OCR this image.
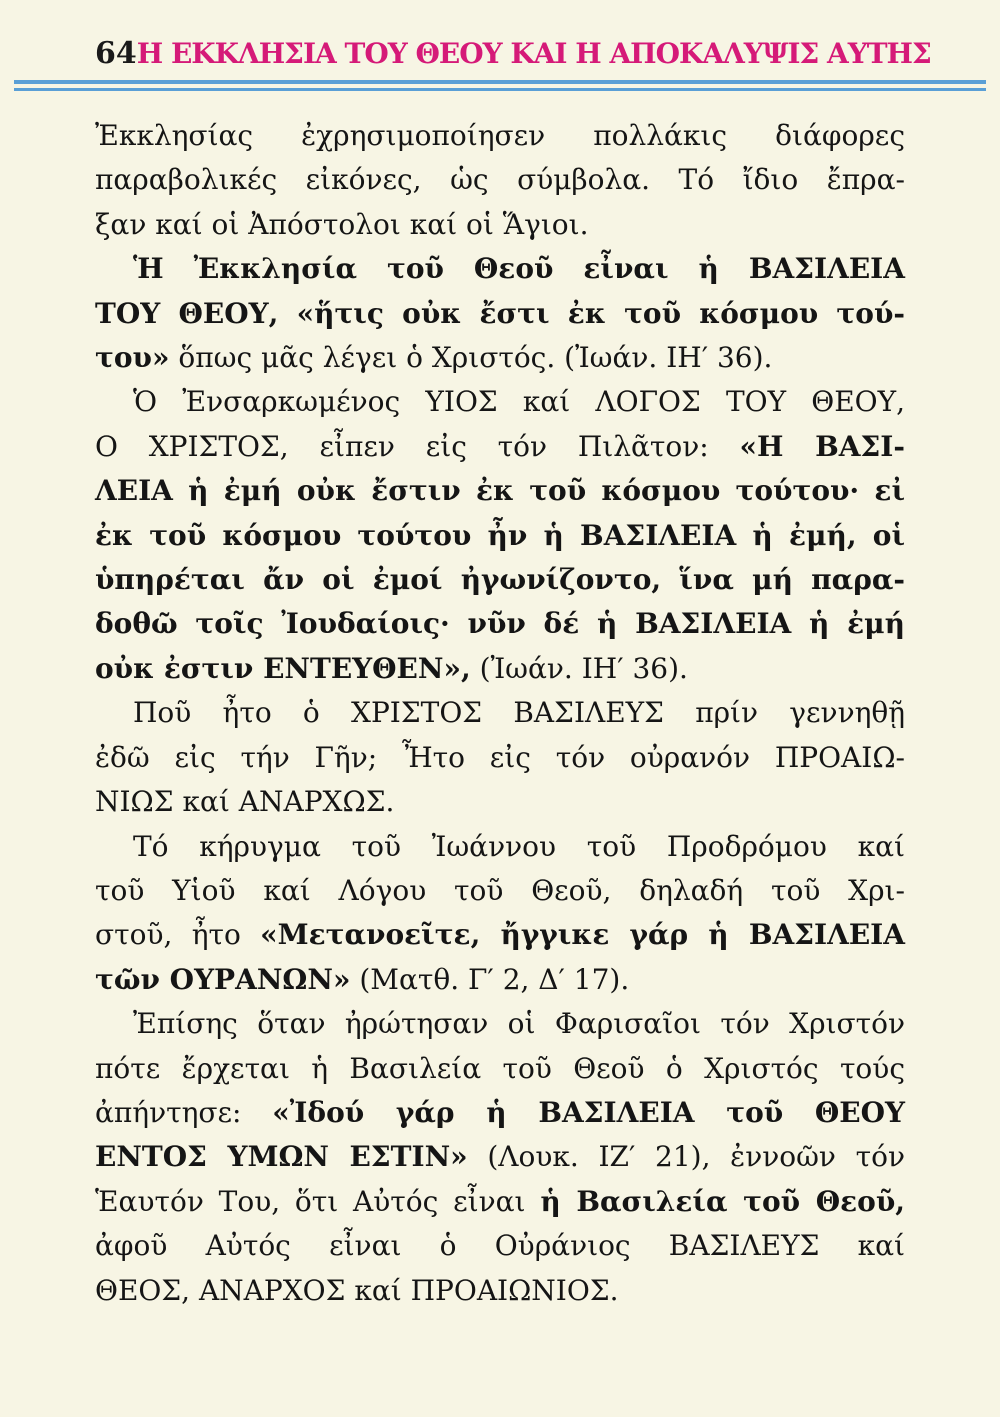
64 Η ΕΚΚΛΗΣΙΑ ΤΟΥ ΘΕΟΥ ΚΑΙ Η ΑΠΟΚΑΛΥΨΙΣ ΑΥΤΗΣ
Ἐκκλησίας ἐχρησιμοποίησεν πολλάκις διάφορες
παραβολικές εἰκόνες, ὡς σύμβολα. Τό ἴδιο ἔπρα-
ξαν καί οἱ Ἀπόστολοι καί οἱ Ἅγιοι.
Ἡ Ἐκκλησία τοῦ Θεοῦ εἶναι ἡ ΒΑΣΙΛΕΙΑ
ΤΟΥ ΘΕΟΥ, «ἥτις οὐκ ἔστι ἐκ τοῦ κόσμου τού-
του» ὅπως μᾶς λέγει ὁ Χριστός. (Ἰωάν. ΙΗ′ 36).
Ὁ Ἐνσαρκωμένος ΥΙΟΣ καί ΛΟΓΟΣ ΤΟΥ ΘΕΟΥ,
Ο ΧΡΙΣΤΟΣ, εἶπεν εἰς τόν Πιλᾶτον: «Η ΒΑΣΙ-
ΛΕΙΑ ἡ ἐμή οὐκ ἔστιν ἐκ τοῦ κόσμου τούτου· εἰ
ἐκ τοῦ κόσμου τούτου ἦν ἡ ΒΑΣΙΛΕΙΑ ἡ ἐμή, οἱ
ὑπηρέται ἄν οἱ ἐμοί ἠγωνίζοντο, ἵνα μή παρα-
δοθῶ τοῖς Ἰουδαίοις· νῦν δέ ἡ ΒΑΣΙΛΕΙΑ ἡ ἐμή
οὐκ ἐστιν ΕΝΤΕΥΘΕΝ», (Ἰωάν. ΙΗ′ 36).
Ποῦ ἦτο ὁ ΧΡΙΣΤΟΣ ΒΑΣΙΛΕΥΣ πρίν γεννηθῇ
ἐδῶ εἰς τήν Γῆν; Ἦτο εἰς τόν οὐρανόν ΠΡΟΑΙΩ-
ΝΙΩΣ καί ΑΝΑΡΧΩΣ.
Τό κήρυγμα τοῦ Ἰωάννου τοῦ Προδρόμου καί
τοῦ Υἱοῦ καί Λόγου τοῦ Θεοῦ, δηλαδή τοῦ Χρι-
στοῦ, ἦτο «Μετανοεῖτε, ἤγγικε γάρ ἡ ΒΑΣΙΛΕΙΑ
τῶν ΟΥΡΑΝΩΝ» (Ματθ. Γ′ 2, Δ′ 17).
Ἐπίσης ὅταν ἠρώτησαν οἱ Φαρισαῖοι τόν Χριστόν
πότε ἔρχεται ἡ Βασιλεία τοῦ Θεοῦ ὁ Χριστός τούς
ἀπήντησε: «Ἰδού γάρ ἡ ΒΑΣΙΛΕΙΑ τοῦ ΘΕΟΥ
ΕΝΤΟΣ ΥΜΩΝ ΕΣΤΙΝ» (Λουκ. ΙΖ′ 21), ἐννοῶν τόν
Ἑαυτόν Του, ὅτι Αὐτός εἶναι ἡ Βασιλεία τοῦ Θεοῦ,
ἀφοῦ Αὐτός εἶναι ὁ Οὐράνιος ΒΑΣΙΛΕΥΣ καί
ΘΕΟΣ, ΑΝΑΡΧΟΣ καί ΠΡΟΑΙΩΝΙΟΣ.
